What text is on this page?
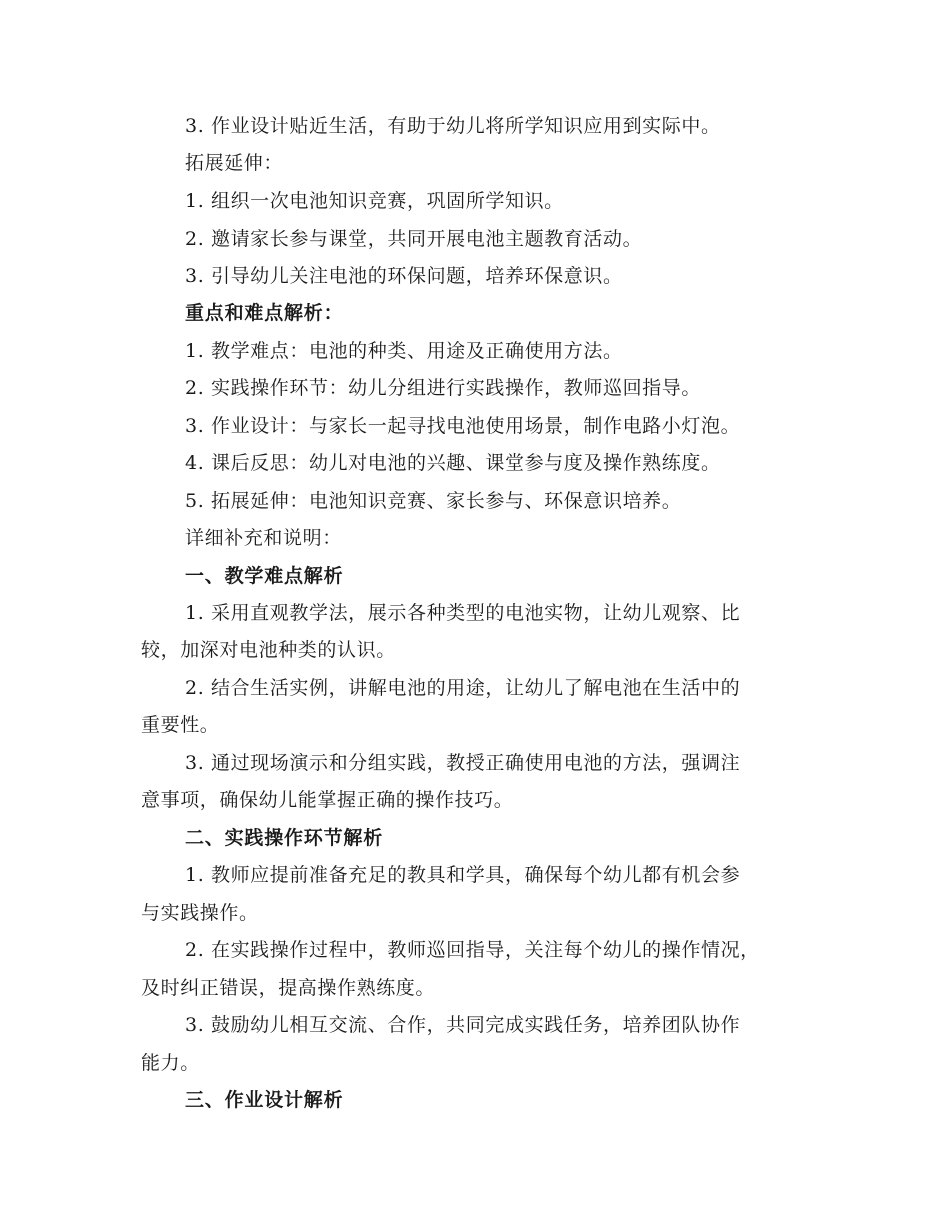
3. 作业设计贴近生活，有助于幼儿将所学知识应用到实际中。
拓展延伸：
1. 组织一次电池知识竞赛，巩固所学知识。
2. 邀请家长参与课堂，共同开展电池主题教育活动。
3. 引导幼儿关注电池的环保问题，培养环保意识。
重点和难点解析：
1. 教学难点：电池的种类、用途及正确使用方法。
2. 实践操作环节：幼儿分组进行实践操作，教师巡回指导。
3. 作业设计：与家长一起寻找电池使用场景，制作电路小灯泡。
4. 课后反思：幼儿对电池的兴趣、课堂参与度及操作熟练度。
5. 拓展延伸：电池知识竞赛、家长参与、环保意识培养。
详细补充和说明：
一、教学难点解析
1. 采用直观教学法，展示各种类型的电池实物，让幼儿观察、比
较，加深对电池种类的认识。
2. 结合生活实例，讲解电池的用途，让幼儿了解电池在生活中的
重要性。
3. 通过现场演示和分组实践，教授正确使用电池的方法，强调注
意事项，确保幼儿能掌握正确的操作技巧。
二、实践操作环节解析
1. 教师应提前准备充足的教具和学具，确保每个幼儿都有机会参
与实践操作。
2. 在实践操作过程中，教师巡回指导，关注每个幼儿的操作情况，
及时纠正错误，提高操作熟练度。
3. 鼓励幼儿相互交流、合作，共同完成实践任务，培养团队协作
能力。
三、作业设计解析
